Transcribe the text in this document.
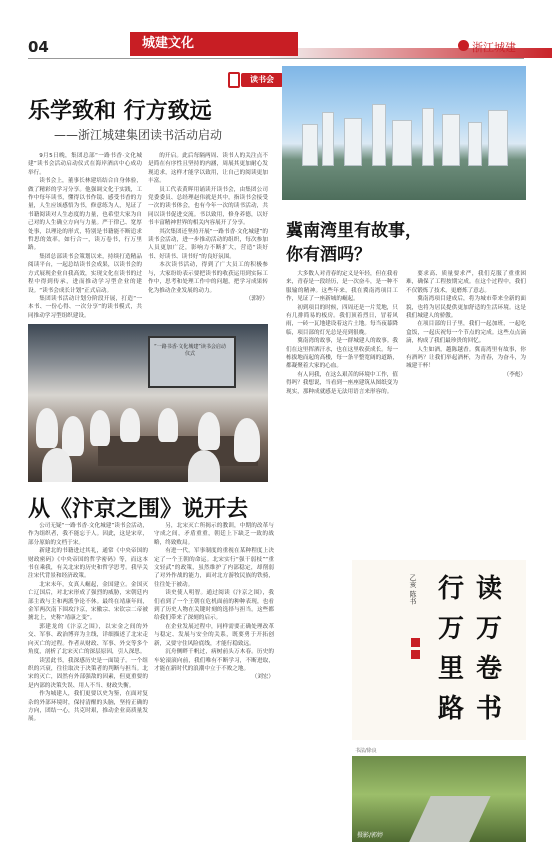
04	城建文化	浙江城建
读书会
乐学致和 行方致远
——浙江城建集团读书活动启动

9月5日晚，集团总部“一路书香·文化城建”读书会活动启动仪式在海岸酒店中心成功举行。

读书会上，董事长林建培结合自身体验，做了精彩的学习分享。他强调文化于实践，工作中每年读书，懂得以书作镜、感受书香的力量，人生应该感悟为书，修意练为人，见证了书籍阅读对人生态度的力量，也希望大家为自己对的人生确立方向与力量。严于律己、宽厚处事，以理论的形式，特别是书籍能不断追求哲思的效率。如行合一，读万卷书，行万里路。

集团总部读书会策划以来，持续打造精品阅读平台，一起总结读书会成果，以读书会的方式展现企业自我高效，实现文化在读书的过程中得到传承，进而推动学习型企业的建设。“读书会成长计划”正式启动。

集团读书活动计划分阶段开展，打造“一本书、一份心得、一次分享”的读书模式，共同推动学习型组织建设。

的开启。此后每隔两周、读书人的关注点不是简在有序性且坚持的内涵，周展其更加耐心发现追求，这样才能学以致用，让自己的阅读更加丰富。

员工代表黄晖用诵读开读书会，由集团公司党委委员、总经理赵伟就是其中，指读书会接受一次的读书体会，也有今年一次的读书活动，共同以读书促进交流。书以致用，修身养德，以好书丰富精神世界的相关内容展开了分享。

其次集团还坚持开展“一路书香·文化城建”的读书会活动，进一步推动活动的组织，每次参加人员更加广泛，影响力不断扩大，营造“读好书、好读书、读书好”的良好氛围。

本次读书活动，得到了广大员工的积极参与，大家纷纷表示要把读书的收获运用到实际工作中，思考和处理工作中的问题，把学习成果转化为推动企业发展的动力。

（郭婷）
“一路书香·文化城建”读书会启动仪式
从《汴京之围》说开去

公司无疑“一路书香·文化城建”读书会活动，作为组织者，我不能忘于人。因此，这是宋章，部分原始的文档于宋。

新建北的书籍进过其礼，通常《中央帝国的财政密码》《中央帝国的哲学密码》等，而这本书在乘我，有关北宋的历史和哲学思考。我早关注宋代背景和经济政策。

北宋末年，女真人崛起，金国建立。金国灭亡辽国后，对北宋形成了强烈的威胁，宋朝廷内部主战与主和两派争论不休。最终在靖康年间，金军两次南下围攻汴京，宋徽宗、宋钦宗二帝被掳北上，史称“靖康之变”。

郭建龙的《汴京之围》，以宋金之间的外交、军事、政治博弈为主线，详细描述了北宋走向灭亡的过程。作者从财政、军事、外交等多个角度，剖析了北宋灭亡的深层原因，引人深思。

读罢此书，我深感历史是一面镜子。一个组织的兴衰，往往取决于决策者的判断与担当。北宋的灭亡，固然有外部强敌的因素，但更重要的是内部的决策失误、用人不当、财政失衡。

作为城建人，我们更要以史为鉴，在面对复杂的外部环境时，保持清醒的头脑，坚持正确的方向，团结一心，共克时艰，推动企业高质量发展。

另，北宋灭亡所揭示的教训，中期的改革与守成之间，矛盾重重，朝廷上下缺乏一致的战略，终致败局。

有进一代，军事制度的重视在某种程度上决定了一个王朝的命运。北宋实行“强干弱枝”“重文轻武”的政策，虽然维护了内部稳定，却削弱了对外作战的能力，面对北方游牧民族的铁骑，往往处于被动。

读史使人明智。通过阅读《汴京之围》，我们看到了一个王朝在危机面前的种种表现，也看到了历史人物在关键时刻的选择与担当。这些都给我们带来了深刻的启示。

在企业发展过程中，同样需要正确处理改革与稳定、发展与安全的关系，既要勇于开拓创新，又要守住风险底线，才能行稳致远。

沉舟侧畔千帆过，病树前头万木春。历史的车轮滚滚向前，我们唯有不断学习，不断进取，才能在新时代的浪潮中立于不败之地。

（刘宏）
冀南湾里有故事，
你有酒吗？

大多数人对青春的定义是年轻，但在我看来，青春是一段经历，是一次奋斗，是一种不服输的精神。这些年来，我在冀南湾项目工作，见证了一座新城的崛起。

初到项目的时候，四周还是一片荒地，只有几排简易的板房。我们顶着烈日，冒着风雨，一砖一瓦地建设着这片土地。每当夜幕降临，项目部的灯光总是亮到很晚。

冀南湾的故事，是一群城建人的故事。我们在这里挥洒汗水，也在这里收获成长。每一栋拔地而起的高楼，每一条平整宽阔的道路，都凝聚着大家的心血。

有人问我，在这么艰苦的环境中工作，值得吗？我想说，当看到一座座建筑从图纸变为现实，那种成就感是无法用语言来形容的。

要求高、质量要求严，我们克服了重重困难，确保了工程按期完成。在这个过程中，我们不仅锻炼了技术，更磨炼了意志。

冀南湾项目建成后，将为城市带来全新的面貌，也将为居民提供更加舒适的生活环境。这是我们城建人的骄傲。

在项目部的日子里，我们一起加班，一起吃盒饭，一起庆祝每一个节点的完成。这些点点滴滴，构成了我们最珍贵的回忆。

人生如酒，越陈越香。冀南湾里有故事，你有酒吗？让我们举起酒杯，为青春，为奋斗，为城建干杯！

（李彪）
读
万
卷
书
行
万
里
路
乙亥 陈书
书法/徐良
摄影/郭婷
